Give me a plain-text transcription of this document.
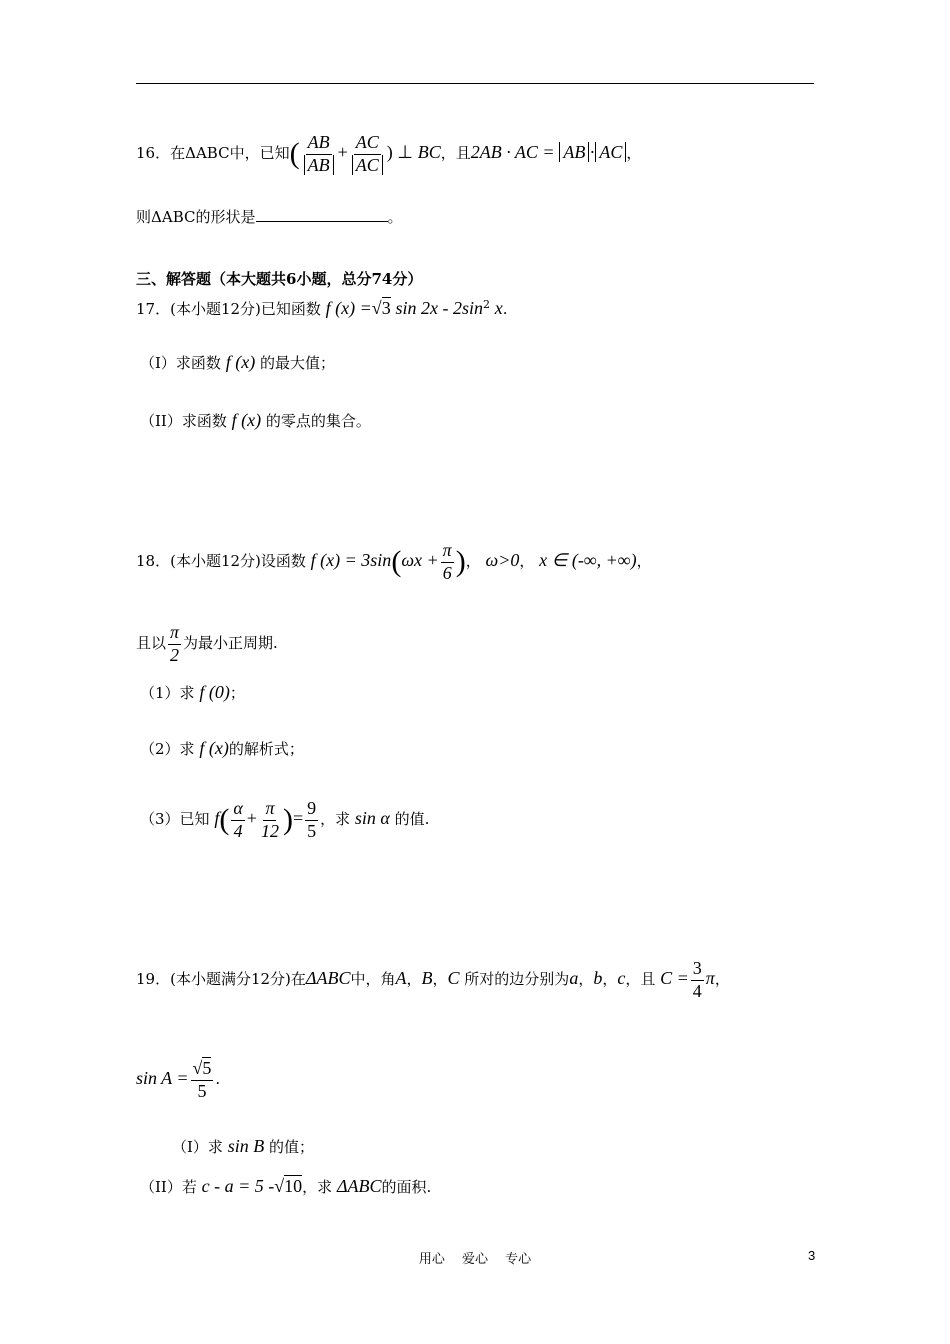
16．在ΔABC中，已知( $\frac{AB}{AB} + \frac{AC}{AC}$ ) ⊥ BC，且2AB · AC = AB · AC ，
则ΔABC的形状是	。
三、解答题（本大题共6小题，总分74分）
17．(本小题12分)已知函数 f (x) =√3 $\sin 2x - 2\sin^2$ x.
（Ⅰ）求函数 f (x) 的最大值；
（II）求函数 f (x) 的零点的集合。
18．(本小题12分)设函数 f $(x) = 3\sin(\omega x + \frac{\pi}{6}$ )， ω>0， x ∈ (-∞, +∞)，
且以 $\frac{\pi}{2}$ 为最小正周期.
（1）求 f (0)；
（2）求 f (x)的解析式；
（3）已知 $f( \frac{\alpha}{4} + \frac{\pi}{12}$ )= $\frac{9}{5}$ ，求 sin α 的值.
19．(本小题满分12分)在ΔABC中，角A，B，C 所对的边分别为a，b，c，且 $C = \frac{3}{4}$ π，
$\sin A = \frac{√5}{5}$ .
（Ⅰ）求 sin B 的值；
（II）若 c - a = 5 -√10，求 ΔABC的面积.
用心　 爱心　 专心	3
